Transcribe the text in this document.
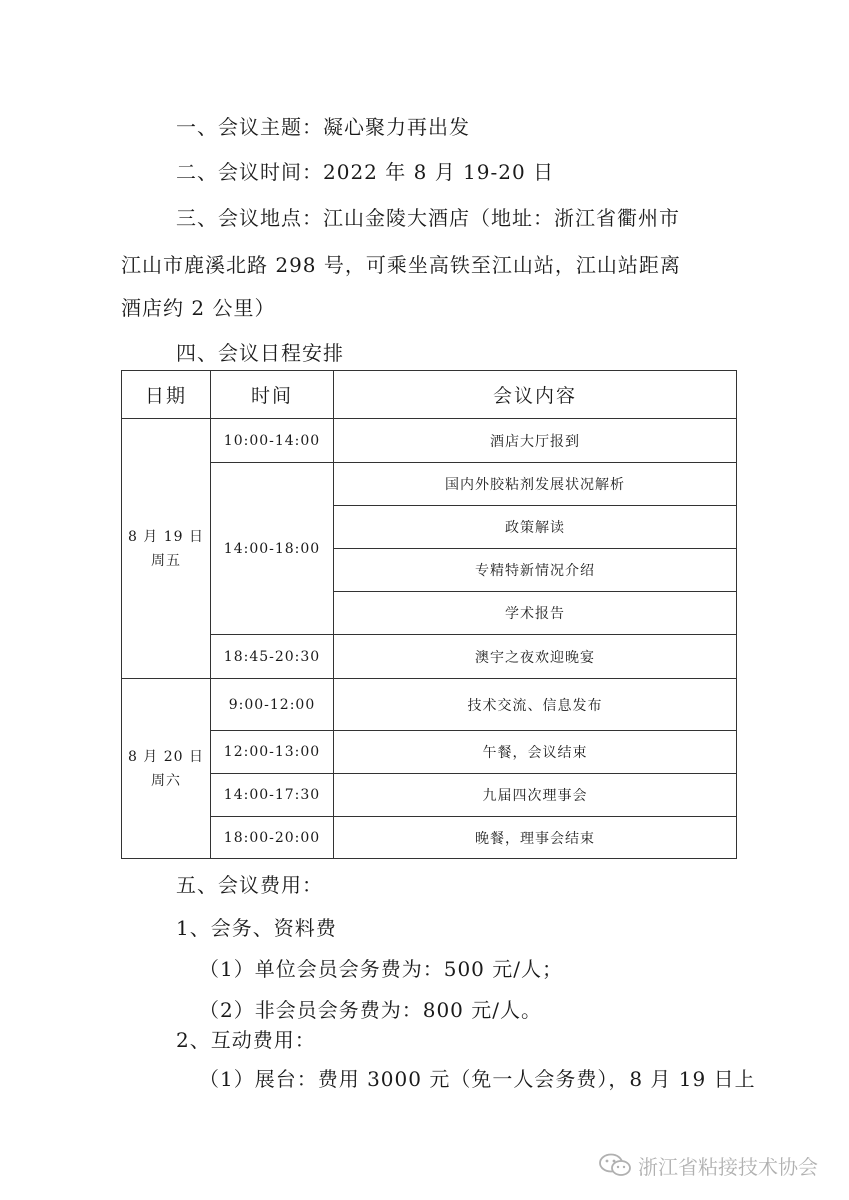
一、会议主题：凝心聚力再出发
二、会议时间：2022 年 8 月 19-20 日
三、会议地点：江山金陵大酒店（地址：浙江省衢州市
江山市鹿溪北路 298 号，可乘坐高铁至江山站，江山站距离
酒店约 2 公里）
四、会议日程安排
日期	时间	会议内容

8 月 19 日
周五	10:00-14:00	酒店大厅报到
	14:00-18:00	国内外胶粘剂发展状况解析
		政策解读
		专精特新情况介绍
		学术报告
	18:45-20:30	澳宇之夜欢迎晚宴

8 月 20 日
周六	9:00-12:00	技术交流、信息发布
	12:00-13:00	午餐，会议结束
	14:00-17:30	九届四次理事会
	18:00-20:00	晚餐，理事会结束
五、会议费用：
1、会务、资料费
（1）单位会员会务费为：500 元/人；
（2）非会员会务费为：800 元/人。
2、互动费用：
（1）展台：费用 3000 元（免一人会务费），8 月 19 日上
浙江省粘接技术协会
